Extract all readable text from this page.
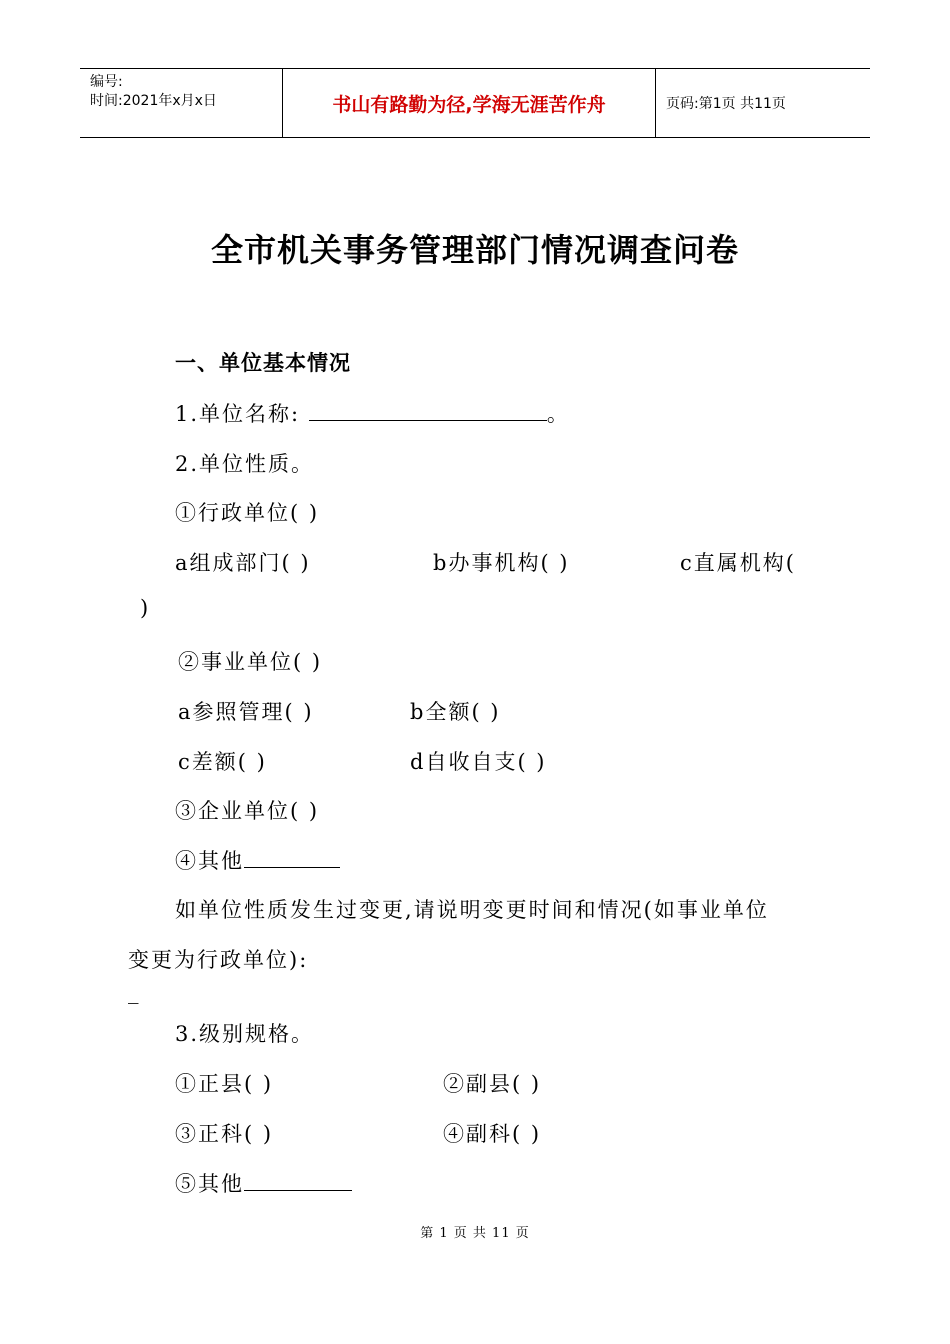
编号:
时间:2021年x月x日	书山有路勤为径,学海无涯苦作舟	页码:第1页 共11页
全市机关事务管理部门情况调查问卷
一、单位基本情况
1.单位名称:	。
2.单位性质。
①行政单位( )
a组成部门( )	b办事机构( )	c直属机构(
)
②事业单位( )
a参照管理( )	b全额( )
c差额( )	d自收自支( )
③企业单位( )
④其他
如单位性质发生过变更,请说明变更时间和情况(如事业单位
变更为行政单位):
_
3.级别规格。
①正县( )	②副县( )
③正科( )	④副科( )
⑤其他
第 1 页 共 11 页
